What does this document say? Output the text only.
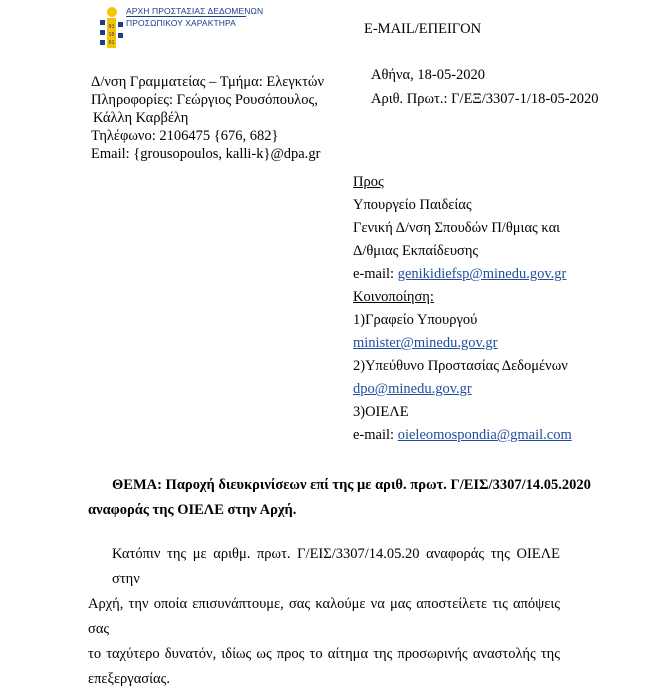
01
10
01
ΑΡΧΗ ΠΡΟΣΤΑΣΙΑΣ ΔΕΔΟΜΕΝΩΝ
ΠΡΟΣΩΠΙΚΟΥ ΧΑΡΑΚΤΗΡΑ	E-MAIL/ΕΠΕΙΓΟΝ
Αθήνα, 18-05-2020
Αριθ. Πρωτ.: Γ/ΕΞ/3307-1/18-05-2020
Δ/νση Γραμματείας – Τμήμα: Ελεγκτών
Πληροφορίες: Γεώργιος Ρουσόπουλος,
Κάλλη Καρβέλη
Τηλέφωνο: 2106475 {676, 682}
Email: {grousopoulos, kalli-k}@dpa.gr
Προς
Υπουργείο Παιδείας
Γενική Δ/νση Σπουδών Π/θμιας και
Δ/θμιας Εκπαίδευσης
e-mail: genikidiefsp@minedu.gov.gr
Κοινοποίηση:
1)Γραφείο Υπουργού
minister@minedu.gov.gr
2)Υπεύθυνο Προστασίας Δεδομένων
dpo@minedu.gov.gr
3)ΟΙΕΛΕ
e-mail: oieleomospondia@gmail.com
ΘΕΜΑ: Παροχή διευκρινίσεων επί της με αριθ. πρωτ. Γ/ΕΙΣ/3307/14.05.2020
αναφοράς της ΟΙΕΛΕ στην Αρχή.
Κατόπιν της με αριθμ. πρωτ. Γ/ΕΙΣ/3307/14.05.20 αναφοράς της ΟΙΕΛΕ στην
Αρχή, την οποία επισυνάπτουμε, σας καλούμε να μας αποστείλετε τις απόψεις σας
το ταχύτερο δυνατόν, ιδίως ως προς το αίτημα της προσωρινής αναστολής της
επεξεργασίας.
